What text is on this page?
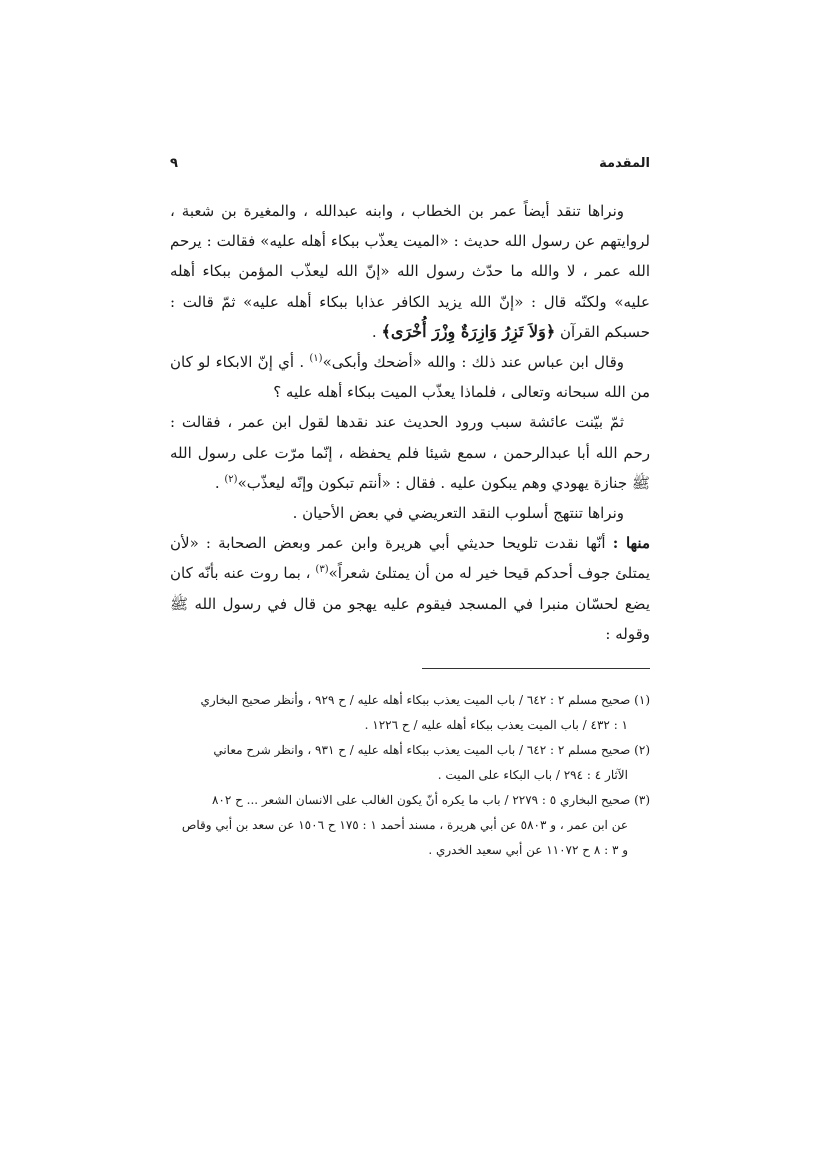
المقدمة
٩

ونراها تنقد أيضاً عمر بن الخطاب ، وابنه عبدالله ، والمغيرة بن شعبة ، لروايتهم عن رسول الله حديث : «الميت يعذّب ببكاء أهله عليه» فقالت : يرحم الله عمر ، لا والله ما حدّث رسول الله «إنّ الله ليعذّب المؤمن ببكاء أهله عليه» ولكنّه قال : «إنّ الله يزيد الكافر عذابا ببكاء أهله عليه» ثمّ قالت : حسبكم القرآن ﴿وَلاَ تَزِرُ وَازِرَةٌ وِزْرَ أُخْرَى﴾ .

وقال ابن عباس عند ذلك : والله «أضحك وأبكى»$^{(١)}$ . أي إنّ الابكاء لو كان من الله سبحانه وتعالى ، فلماذا يعذّب الميت ببكاء أهله عليه ؟

ثمّ بيّنت عائشة سبب ورود الحديث عند نقدها لقول ابن عمر ، فقالت : رحم الله أبا عبدالرحمن ، سمع شيئا فلم يحفظه ، إنّما مرّت على رسول الله ﷺ جنازة يهودي وهم يبكون عليه . فقال : «أنتم تبكون وإنّه ليعذّب»$^{(٢)}$ .

ونراها تنتهج أسلوب النقد التعريضي في بعض الأحيان .

منها : أنّها نقدت تلويحا حديثي أبي هريرة وابن عمر وبعض الصحابة : «لأن يمتلئ جوف أحدكم قيحا خير له من أن يمتلئ شعراً»$^{(٣)}$ ، بما روت عنه بأنّه كان يضع لحسّان منبرا في المسجد فيقوم عليه يهجو من قال في رسول الله ﷺ وقوله :

(١) صحيح مسلم ٢ : ٦٤٢ / باب الميت يعذب ببكاء أهله عليه / ح ٩٢٩ ، وأنظر صحيح البخاري
١ : ٤٣٢ / باب الميت يعذب ببكاء أهله عليه / ح ١٢٢٦ .

(٢) صحيح مسلم ٢ : ٦٤٢ / باب الميت يعذب ببكاء أهله عليه / ح ٩٣١ ، وانظر شرح معاني
الآثار ٤ : ٢٩٤ / باب البكاء على الميت .

(٣) صحيح البخاري ٥ : ٢٢٧٩ / باب ما يكره أنّ يكون الغالب على الانسان الشعر ... ح ٨٠٢
عن ابن عمر ، و ٥٨٠٣ عن أبي هريرة ، مسند أحمد ١ : ١٧٥ ح ١٥٠٦ عن سعد بن أبي وقاص
و ٣ : ٨ ح ١١٠٧٢ عن أبي سعيد الخدري .
